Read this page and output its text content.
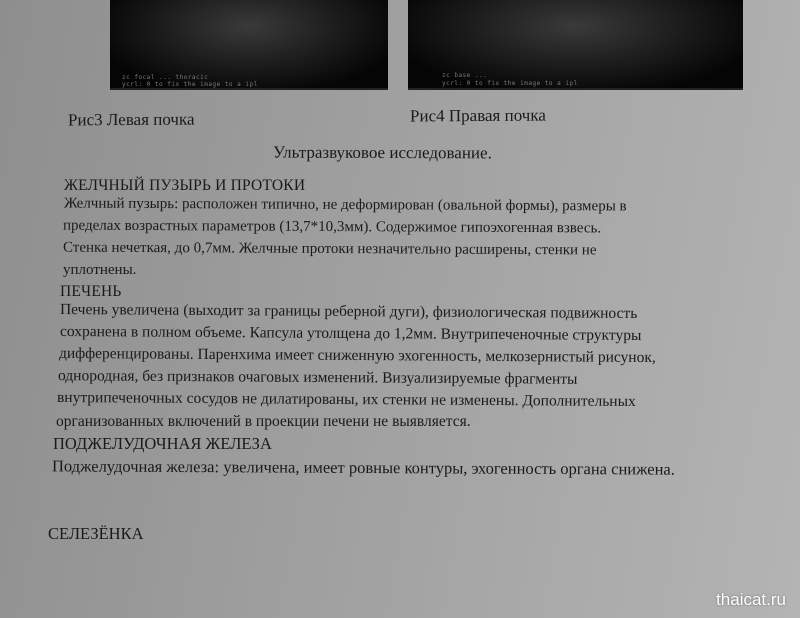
zc focal ... thoracic
ycrl: 0 to fix the image to a ipl
zc base ...
ycrl: 0 to fix the image to a ipl
Рис3 Левая почка	Рис4 Правая почка
Ультразвуковое исследование.
ЖЕЛЧНЫЙ ПУЗЫРЬ И ПРОТОКИ
Желчный пузырь: расположен типично, не деформирован (овальной формы), размеры в
пределах возрастных параметров (13,7*10,3мм). Содержимое гипоэхогенная взвесь.
Стенка нечеткая, до 0,7мм. Желчные протоки незначительно расширены, стенки не
уплотнены.
ПЕЧЕНЬ
Печень увеличена (выходит за границы реберной дуги), физиологическая подвижность
сохранена в полном объеме. Капсула утолщена до 1,2мм. Внутрипеченочные структуры
дифференцированы. Паренхима имеет сниженную эхогенность, мелкозернистый рисунок,
однородная, без признаков очаговых изменений. Визуализируемые фрагменты
внутрипеченочных сосудов не дилатированы, их стенки не изменены. Дополнительных
организованных включений в проекции печени не выявляется.
ПОДЖЕЛУДОЧНАЯ ЖЕЛЕЗА
Поджелудочная железа: увеличена, имеет ровные контуры, эхогенность органа снижена.
СЕЛЕЗЁНКА
thaicat.ru
